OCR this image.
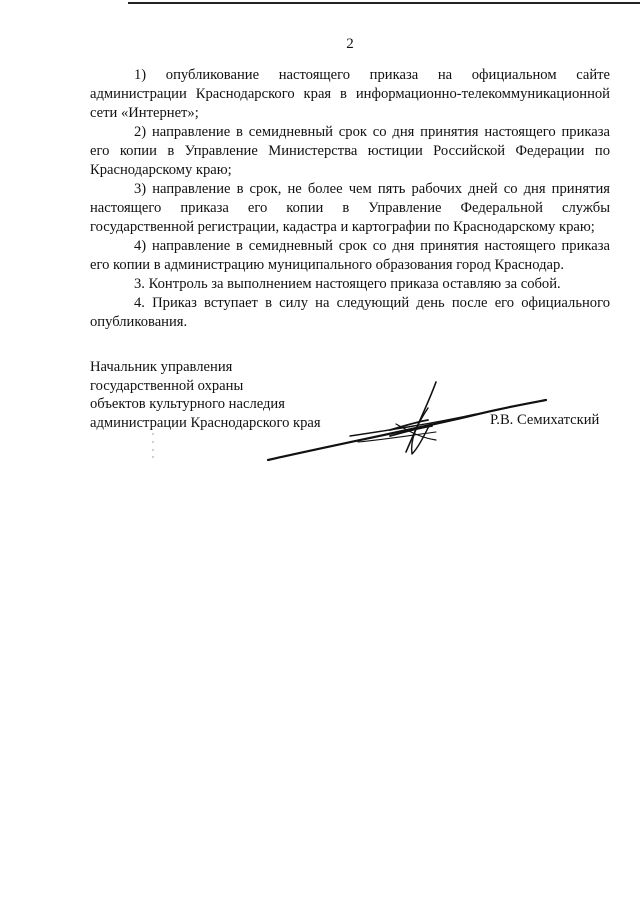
2

1) опубликование настоящего приказа на официальном сайте администрации Краснодарского края в информационно-телекоммуникационной сети «Интернет»;

2) направление в семидневный срок со дня принятия настоящего приказа его копии в Управление Министерства юстиции Российской Федерации по Краснодарскому краю;

3) направление в срок, не более чем пять рабочих дней со дня принятия настоящего приказа его копии в Управление Федеральной службы государственной регистрации, кадастра и картографии по Краснодарскому краю;

4) направление в семидневный срок со дня принятия настоящего приказа его копии в администрацию муниципального образования город Краснодар.

3. Контроль за выполнением настоящего приказа оставляю за собой.

4. Приказ вступает в силу на следующий день после его официального опубликования.

Начальник управления
государственной охраны
объектов культурного наследия
администрации Краснодарского края	Р.В. Семихатский
